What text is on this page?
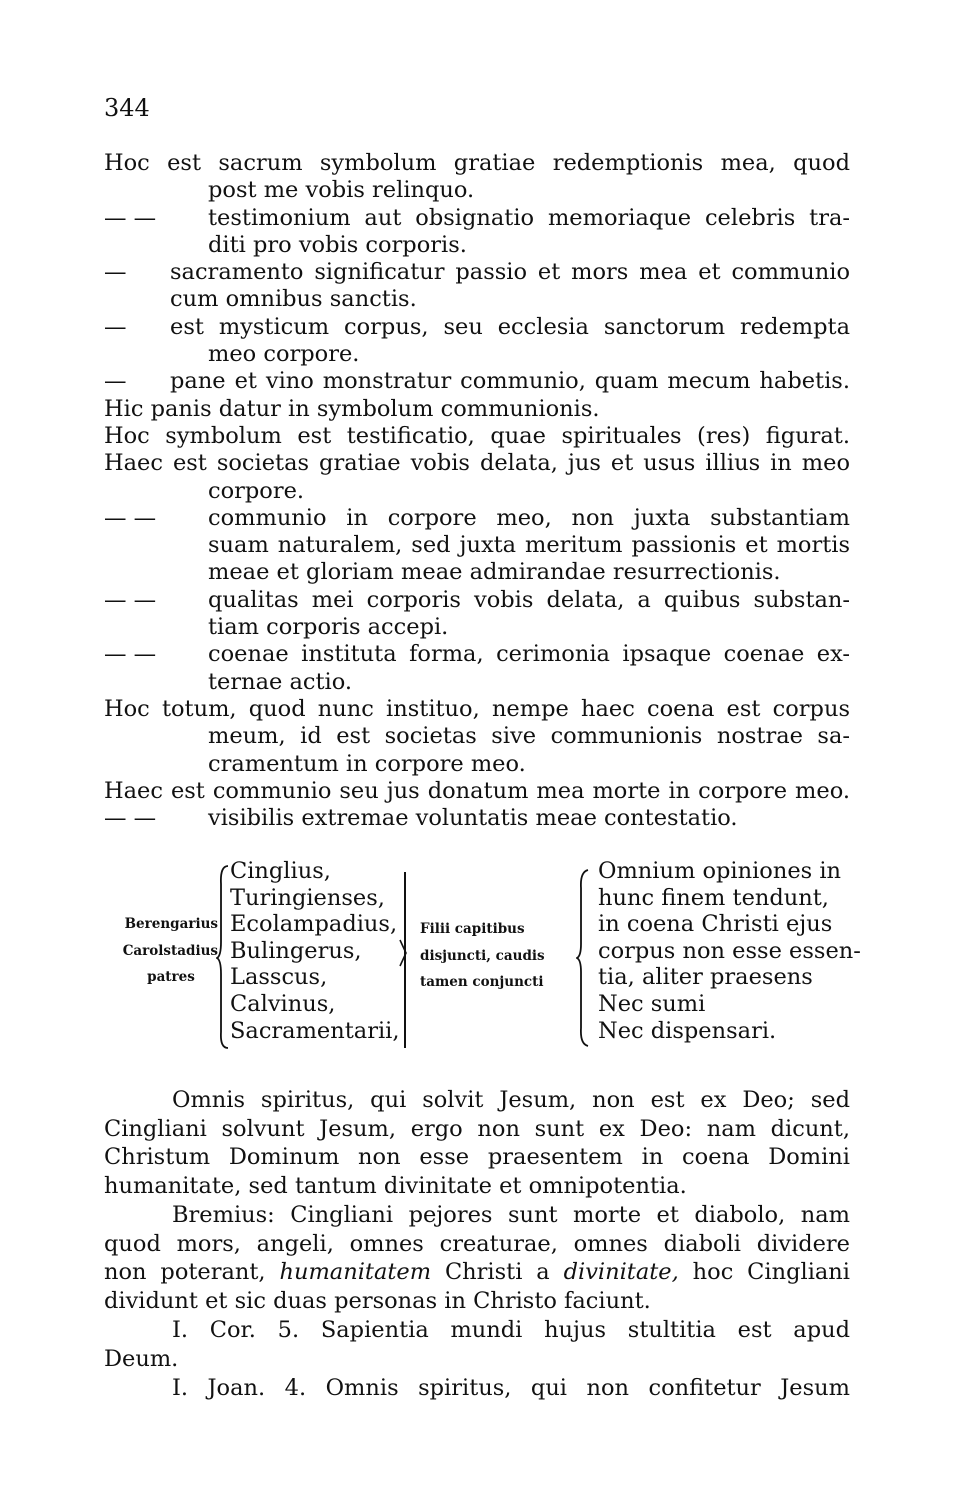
344
Hoc est sacrum symbolum gratiae redemptionis mea, quod
post me vobis relinquo.
— — testimonium aut obsignatio memoriaque celebris tra-
diti pro vobis corporis.
— sacramento significatur passio et mors mea et communio
cum omnibus sanctis.
— est mysticum corpus, seu ecclesia sanctorum redempta
meo corpore.
— pane et vino monstratur communio, quam mecum habetis.
Hic panis datur in symbolum communionis.
Hoc symbolum est testificatio, quae spirituales (res) figurat.
Haec est societas gratiae vobis delata, jus et usus illius in meo
corpore.
— — communio in corpore meo, non juxta substantiam
suam naturalem, sed juxta meritum passionis et mortis
meae et gloriam meae admirandae resurrectionis.
— — qualitas mei corporis vobis delata, a quibus substan-
tiam corporis accepi.
— — coenae instituta forma, cerimonia ipsaque coenae ex-
ternae actio.
Hoc totum, quod nunc instituo, nempe haec coena est corpus
meum, id est societas sive communionis nostrae sa-
cramentum in corpore meo.
Haec est communio seu jus donatum mea morte in corpore meo.
— — visibilis extremae voluntatis meae contestatio.
Berengarius
Carolstadius
patres
Cinglius,
Turingienses,
Ecolampadius,
Bulingerus,
Lasscus,
Calvinus,
Sacramentarii,
Filii capitibus
disjuncti, caudis
tamen conjuncti
Omnium opiniones in
hunc finem tendunt,
in coena Christi ejus
corpus non esse essen-
tia, aliter praesens
Nec sumi
Nec dispensari.
Omnis spiritus, qui solvit Jesum, non est ex Deo; sed
Cingliani solvunt Jesum, ergo non sunt ex Deo: nam dicunt,
Christum Dominum non esse praesentem in coena Domini
humanitate, sed tantum divinitate et omnipotentia.
Bremius: Cingliani pejores sunt morte et diabolo, nam
quod mors, angeli, omnes creaturae, omnes diaboli dividere
non poterant, humanitatem Christi a divinitate, hoc Cingliani
dividunt et sic duas personas in Christo faciunt.
I. Cor. 5. Sapientia mundi hujus stultitia est apud
Deum.
I. Joan. 4. Omnis spiritus, qui non confitetur Jesum
